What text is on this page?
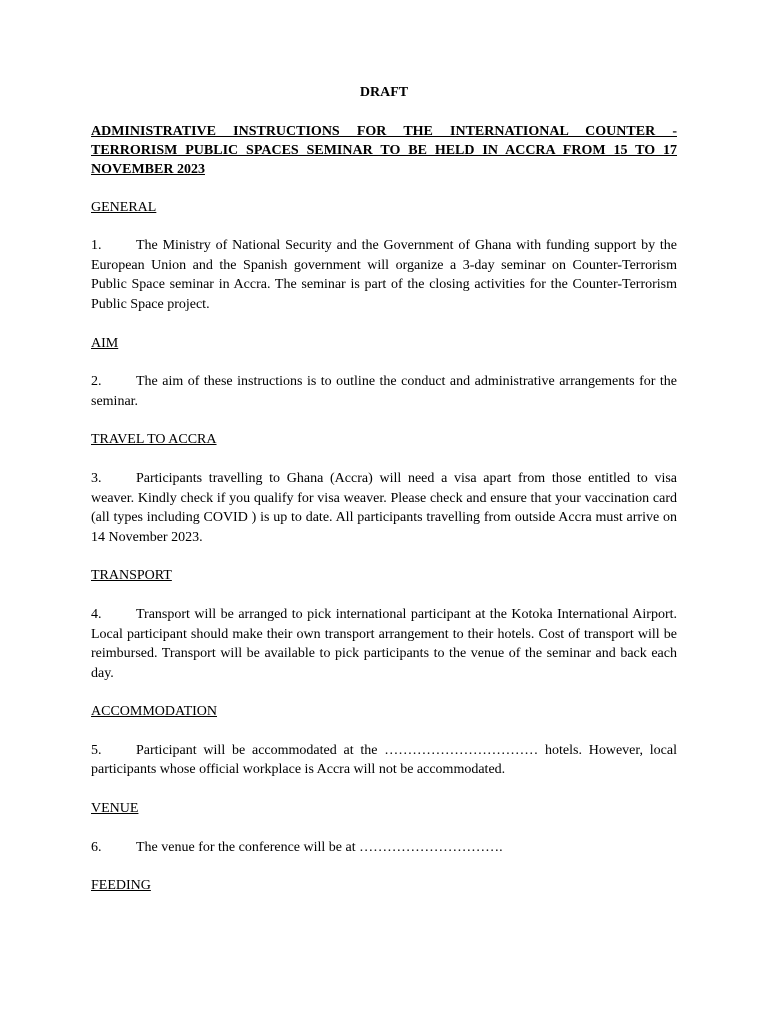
DRAFT

ADMINISTRATIVE INSTRUCTIONS FOR THE INTERNATIONAL COUNTER - TERRORISM PUBLIC SPACES SEMINAR TO BE HELD IN ACCRA FROM 15 TO 17 NOVEMBER 2023

GENERAL

1. The Ministry of National Security and the Government of Ghana with funding support by the European Union and the Spanish government will organize a 3-day seminar on Counter-Terrorism Public Space seminar in Accra. The seminar is part of the closing activities for the Counter-Terrorism Public Space project.

AIM

2. The aim of these instructions is to outline the conduct and administrative arrangements for the seminar.

TRAVEL TO ACCRA

3. Participants travelling to Ghana (Accra) will need a visa apart from those entitled to visa weaver. Kindly check if you qualify for visa weaver. Please check and ensure that your vaccination card (all types including COVID ) is up to date. All participants travelling from outside Accra must arrive on 14 November 2023.

TRANSPORT

4. Transport will be arranged to pick international participant at the Kotoka International Airport. Local participant should make their own transport arrangement to their hotels. Cost of transport will be reimbursed. Transport will be available to pick participants to the venue of the seminar and back each day.

ACCOMMODATION

5. Participant will be accommodated at the …………………………… hotels. However, local participants whose official workplace is Accra will not be accommodated.

VENUE

6. The venue for the conference will be at ………………………….

FEEDING
